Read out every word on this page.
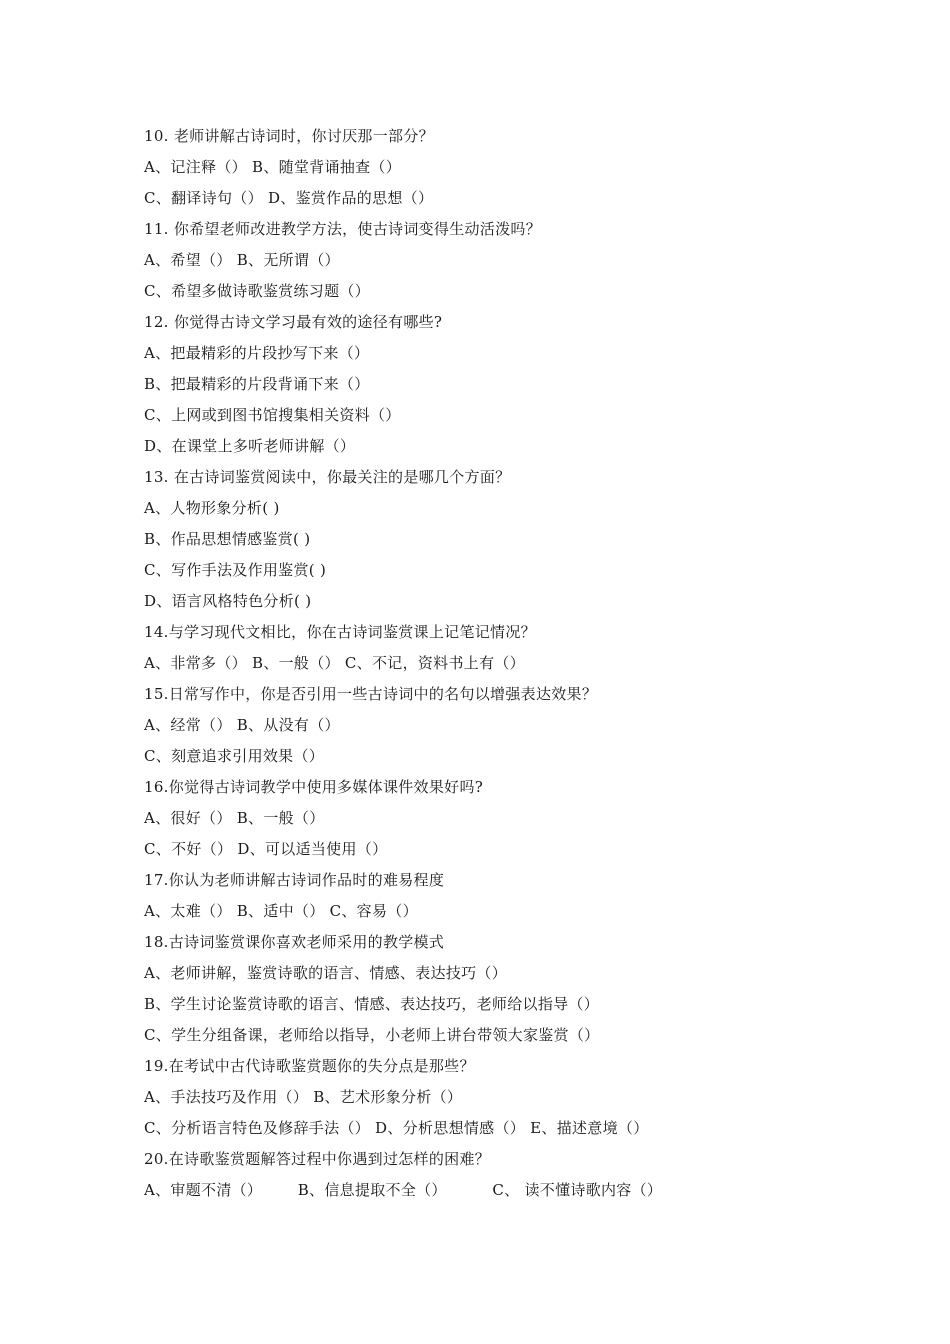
10. 老师讲解古诗词时，你讨厌那一部分？
A、记注释（） B、随堂背诵抽查（）
C、翻译诗句（） D、鉴赏作品的思想（）
11. 你希望老师改进教学方法，使古诗词变得生动活泼吗？
A、希望（） B、无所谓（）
C、希望多做诗歌鉴赏练习题（）
12. 你觉得古诗文学习最有效的途径有哪些?
A、把最精彩的片段抄写下来（）
B、把最精彩的片段背诵下来（）
C、上网或到图书馆搜集相关资料（）
D、在课堂上多听老师讲解（）
13. 在古诗词鉴赏阅读中，你最关注的是哪几个方面？
A、人物形象分析( )
B、作品思想情感鉴赏( )
C、写作手法及作用鉴赏( )
D、语言风格特色分析( )
14.与学习现代文相比，你在古诗词鉴赏课上记笔记情况？
A、非常多（） B、一般（） C、不记，资料书上有（）
15.日常写作中，你是否引用一些古诗词中的名句以增强表达效果？
A、经常（） B、从没有（）
C、刻意追求引用效果（）
16.你觉得古诗词教学中使用多媒体课件效果好吗?
A、很好（） B、一般（）
C、不好（） D、可以适当使用（）
17.你认为老师讲解古诗词作品时的难易程度
A、太难（） B、适中（） C、容易（）
18.古诗词鉴赏课你喜欢老师采用的教学模式
A、老师讲解，鉴赏诗歌的语言、情感、表达技巧（）
B、学生讨论鉴赏诗歌的语言、情感、表达技巧，老师给以指导（）
C、学生分组备课，老师给以指导，小老师上讲台带领大家鉴赏（）
19.在考试中古代诗歌鉴赏题你的失分点是那些？
A、手法技巧及作用（） B、艺术形象分析（）
C、分析语言特色及修辞手法（） D、分析思想情感（） E、描述意境（）
20.在诗歌鉴赏题解答过程中你遇到过怎样的困难？
A、审题不清（）       B、信息提取不全（）         C、 读不懂诗歌内容（）
